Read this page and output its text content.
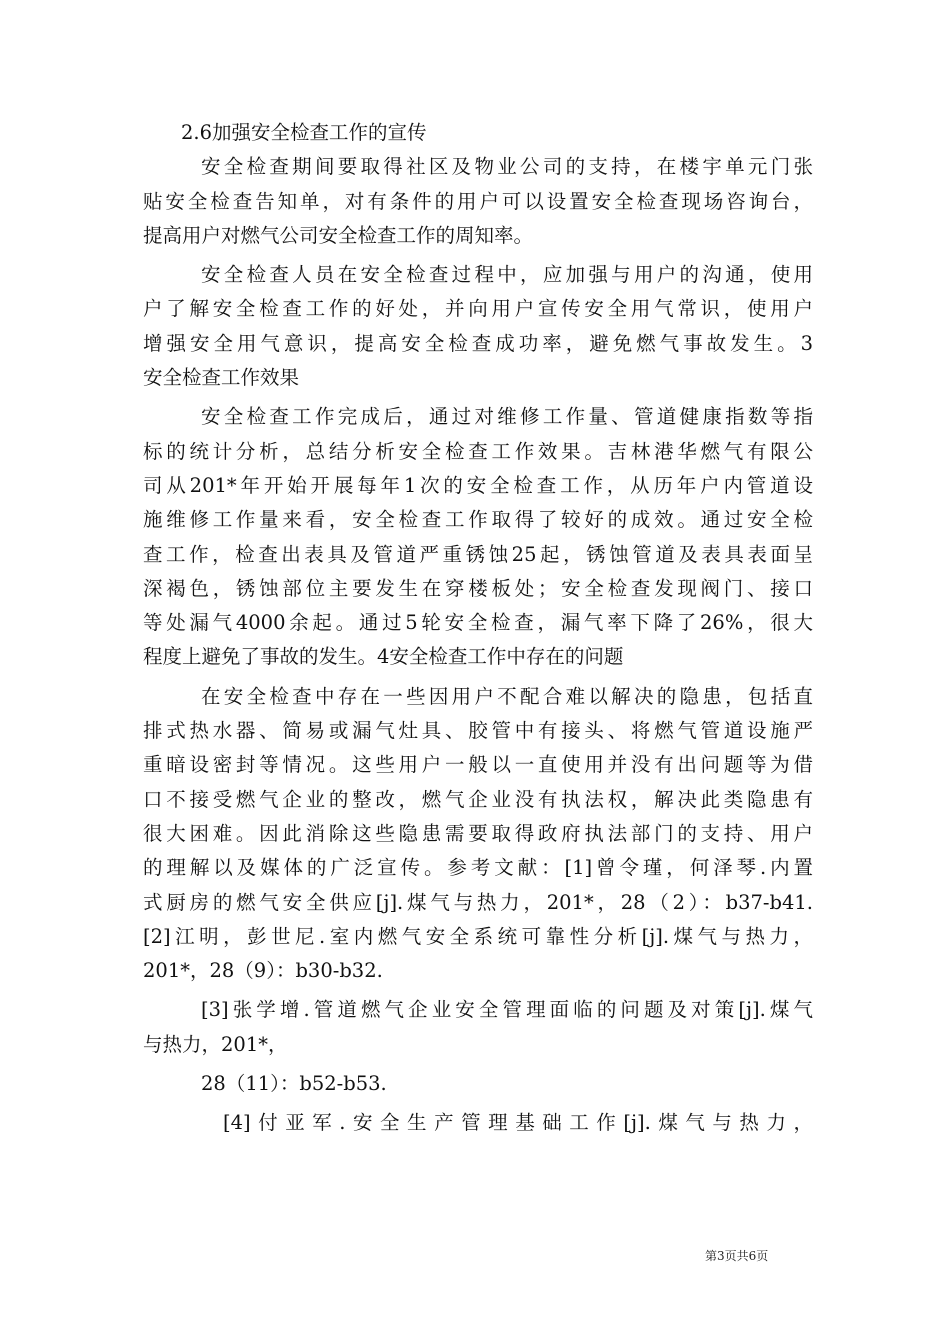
2.6加强安全检查工作的宣传
安全检查期间要取得社区及物业公司的支持，在楼宇单元门张
贴安全检查告知单，对有条件的用户可以设置安全检查现场咨询台，
提高用户对燃气公司安全检查工作的周知率。
安全检查人员在安全检查过程中，应加强与用户的沟通，使用
户了解安全检查工作的好处，并向用户宣传安全用气常识，使用户
增强安全用气意识，提高安全检查成功率，避免燃气事故发生。3
安全检查工作效果
安全检查工作完成后，通过对维修工作量、管道健康指数等指
标的统计分析，总结分析安全检查工作效果。吉林港华燃气有限公
司从201*年开始开展每年1次的安全检查工作，从历年户内管道设
施维修工作量来看，安全检查工作取得了较好的成效。通过安全检
查工作，检查出表具及管道严重锈蚀25起，锈蚀管道及表具表面呈
深褐色，锈蚀部位主要发生在穿楼板处；安全检查发现阀门、接口
等处漏气4000余起。通过5轮安全检查，漏气率下降了26%，很大
程度上避免了事故的发生。4安全检查工作中存在的问题
在安全检查中存在一些因用户不配合难以解决的隐患，包括直
排式热水器、简易或漏气灶具、胶管中有接头、将燃气管道设施严
重暗设密封等情况。这些用户一般以一直使用并没有出问题等为借
口不接受燃气企业的整改，燃气企业没有执法权，解决此类隐患有
很大困难。因此消除这些隐患需要取得政府执法部门的支持、用户
的理解以及媒体的广泛宣传。参考文献：[1]曾令瑾，何泽琴.内置
式厨房的燃气安全供应[j].煤气与热力，201*，28（2）：b37-b41.
[2]江明，彭世尼.室内燃气安全系统可靠性分析[j].煤气与热力，
201*，28（9）：b30-b32.
[3]张学增.管道燃气企业安全管理面临的问题及对策[j].煤气
与热力，201*，
28（11）：b52-b53.
[4]付亚军.安全生产管理基础工作[j].煤气与热力，
第3页共6页
